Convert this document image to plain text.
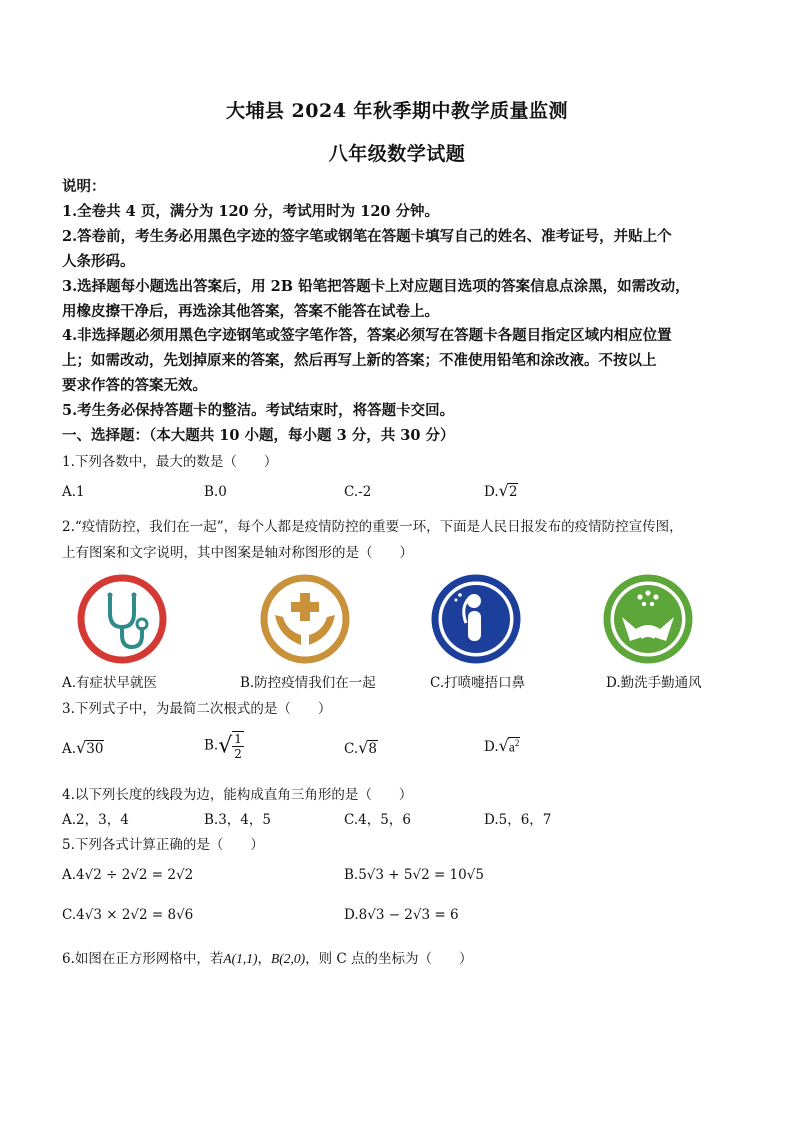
大埔县 2024 年秋季期中教学质量监测
八年级数学试题
说明：
1.全卷共 4 页，满分为 120 分，考试用时为 120 分钟。
2.答卷前，考生务必用黑色字迹的签字笔或钢笔在答题卡填写自己的姓名、准考证号，并贴上个
人条形码。
3.选择题每小题选出答案后，用 2B 铅笔把答题卡上对应题目选项的答案信息点涂黑，如需改动，
用橡皮擦干净后，再选涂其他答案，答案不能答在试卷上。
4.非选择题必须用黑色字迹钢笔或签字笔作答，答案必须写在答题卡各题目指定区域内相应位置
上；如需改动，先划掉原来的答案，然后再写上新的答案；不准使用铅笔和涂改液。不按以上
要求作答的答案无效。
5.考生务必保持答题卡的整洁。考试结束时，将答题卡交回。
一、选择题：（本大题共 10 小题，每小题 3 分，共 30 分）
1.下列各数中，最大的数是（　　）
A.1	B.0	C.-2	D.√2
2.“疫情防控，我们在一起”，每个人都是疫情防控的重要一环，下面是人民日报发布的疫情防控宣传图，
上有图案和文字说明，其中图案是轴对称图形的是（　　）
A.有症状早就医	B.防控疫情我们在一起	C.打喷嚏捂口鼻	D.勤洗手勤通风
3.下列式子中，为最简二次根式的是（　　）
A.√30	$B.√ \frac{1}{2}$	C.√8	$D.√a^2$
4.以下列长度的线段为边，能构成直角三角形的是（　　）
A.2，3，4	B.3，4，5	C.4，5，6	D.5，6，7
5.下列各式计算正确的是（　　）
A.4√2 ÷ 2√2 = 2√2	B.5√3 + 5√2 = 10√5
C.4√3 × 2√2 = 8√6	D.8√3 − 2√3 = 6
6.如图在正方形网格中，若A(1,1)，B(2,0)，则 C 点的坐标为（　　）
